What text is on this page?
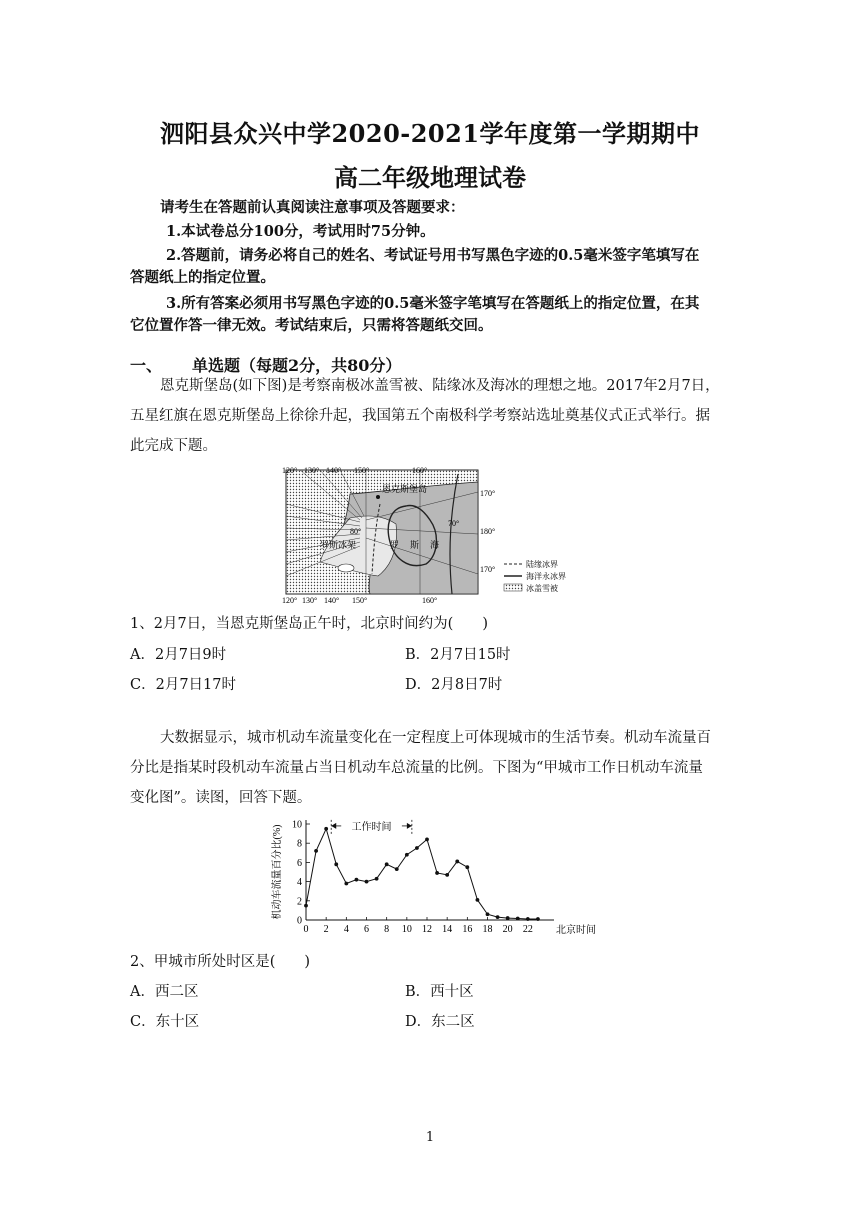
泗阳县众兴中学2020-2021学年度第一学期期中
高二年级地理试卷
请考生在答题前认真阅读注意事项及答题要求：
1.本试卷总分100分，考试用时75分钟。
2.答题前，请务必将自己的姓名、考试证号用书写黑色字迹的0.5毫米签字笔填写在
答题纸上的指定位置。
3.所有答案必须用书写黑色字迹的0.5毫米签字笔填写在答题纸上的指定位置，在其
它位置作答一律无效。考试结束后，只需将答题纸交回。
一、 单选题（每题2分，共80分）
恩克斯堡岛(如下图)是考察南极冰盖雪被、陆缘冰及海冰的理想之地。2017年2月7日，
五星红旗在恩克斯堡岛上徐徐升起，我国第五个南极科学考察站选址奠基仪式正式举行。据
此完成下题。
恩克斯堡岛
罗斯冰架	罗 斯 海
80°
70°
120° 130° 140° 150°	160°
120° 130° 140° 150°	160°
170°
180°
170°
陆缘冰界
海洋永冰界
冰盖雪被
1、2月7日，当恩克斯堡岛正午时，北京时间约为(　　)
A．2月7日9时	B．2月7日15时
C．2月7日17时	D．2月8日7时
大数据显示，城市机动车流量变化在一定程度上可体现城市的生活节奏。机动车流量百
分比是指某时段机动车流量占当日机动车总流量的比例。下图为“甲城市工作日机动车流量
变化图”。读图，回答下题。
0
2
4
6
8
10
0 2 4 6 8 10 12 14 16 18 20 22 北京时间
机动车流量百分比(%)	工作时间
2、甲城市所处时区是(　　)
A．西二区	B．西十区
C．东十区	D．东二区
1
